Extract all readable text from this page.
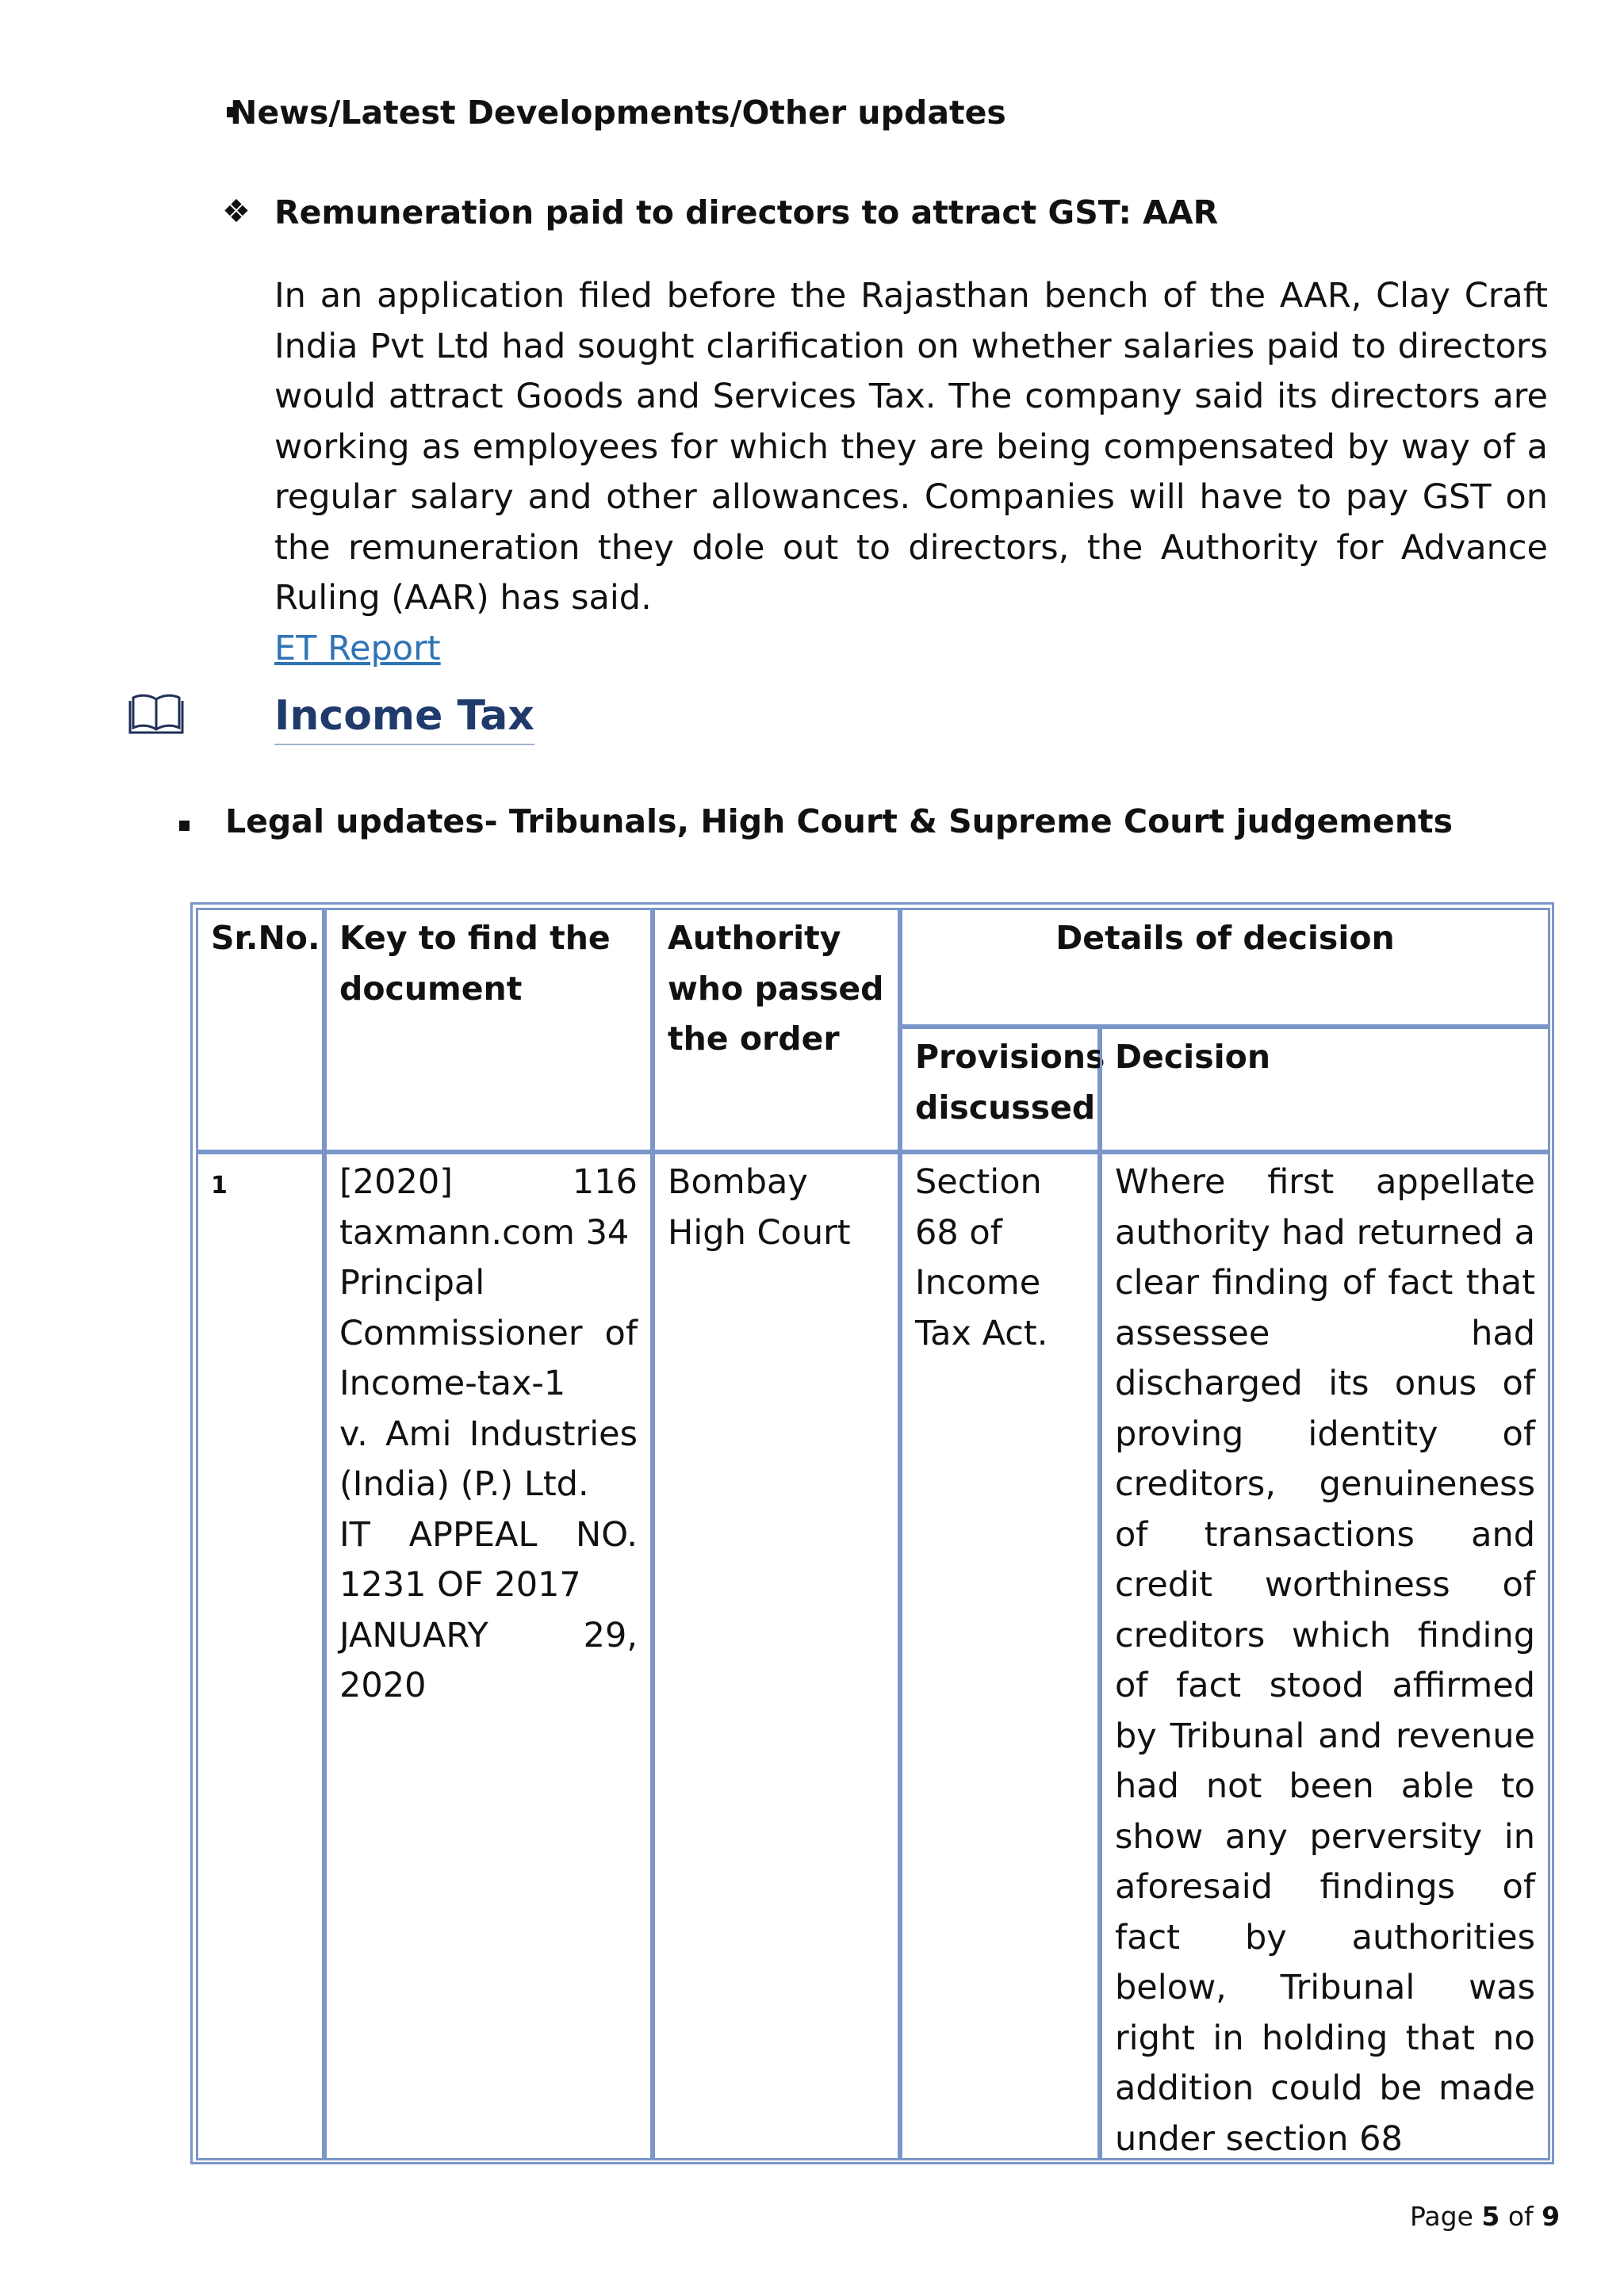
News/Latest Developments/Other updates
❖ Remuneration paid to directors to attract GST: AAR
In an application filed before the Rajasthan bench of the AAR, Clay Craft India Pvt Ltd had sought clarification on whether salaries paid to directors would attract Goods and Services Tax. The company said its directors are working as employees for which they are being compensated by way of a regular salary and other allowances. Companies will have to pay GST on the remuneration they dole out to directors, the Authority for Advance Ruling (AAR) has said.
ET Report
Income Tax
Legal updates- Tribunals, High Court & Supreme Court judgements
Sr.No. Key to find the document
Authority who passed the order
Details of decision
Provisions discussed
Decision
1	[2020] 116 taxmann.com 34
Principal Commissioner of Income-tax-1
v. Ami Industries (India) (P.) Ltd.
IT APPEAL NO. 1231 OF 2017
JANUARY 29, 2020
Bombay High Court
Section 68 of Income Tax Act.
Where first appellate authority had returned a clear finding of fact that assessee had discharged its onus of proving identity of creditors, genuineness of transactions and credit worthiness of creditors which finding of fact stood affirmed by Tribunal and revenue had not been able to show any perversity in aforesaid findings of fact by authorities below, Tribunal was right in holding that no addition could be made under section 68
Page 5 of 9
